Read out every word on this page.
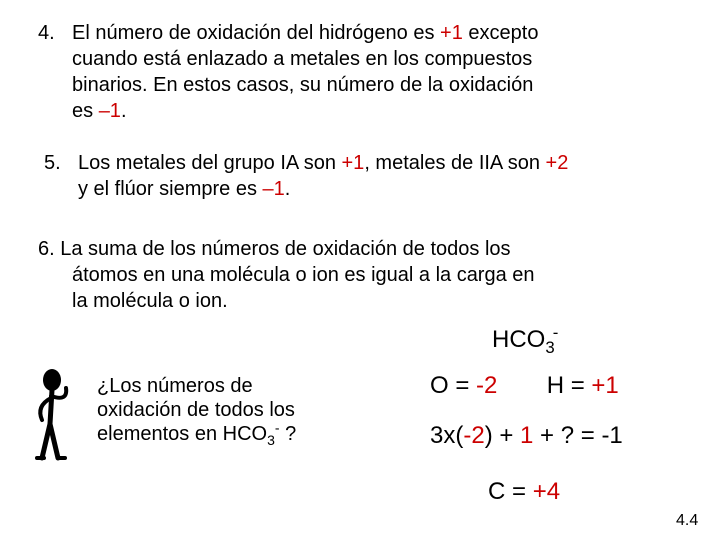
4. El número de oxidación del hidrógeno es +1 excepto
cuando está enlazado a metales en los compuestos
binarios. En estos casos, su número de la oxidación
es –1.
5. Los metales del grupo IA son +1, metales de IIA son +2
y el flúor siempre es –1.
6. La suma de los números de oxidación de todos los
átomos en una molécula o ion es igual a la carga en
la molécula o ion.
$HCO_3^-$
¿Los números de
oxidación de todos los
elementos en $HCO_3^-$ ?
O = -2 H = +1
3x(-2) + 1 + ? = -1
C = +4
4.4
